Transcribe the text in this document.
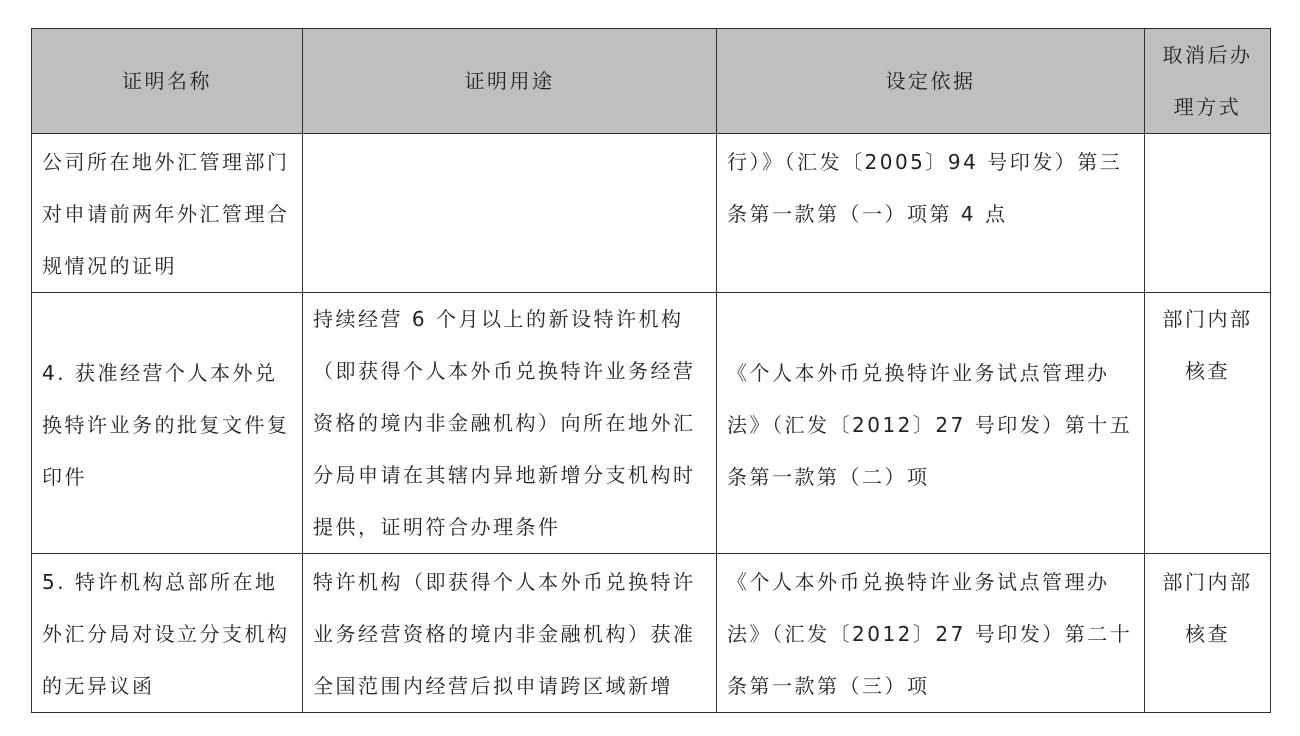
证明名称	证明用途	设定依据	取消后办理方式
公司所在地外汇管理部门对申请前两年外汇管理合规情况的证明		行）》（汇发〔2005〕94 号印发）第三条第一款第（一）项第 4 点	
4. 获准经营个人本外兑换特许业务的批复文件复印件	持续经营 6 个月以上的新设特许机构（即获得个人本外币兑换特许业务经营资格的境内非金融机构）向所在地外汇分局申请在其辖内异地新增分支机构时提供，证明符合办理条件	《个人本外币兑换特许业务试点管理办法》（汇发〔2012〕27 号印发）第十五条第一款第（二）项	部门内部核查
5. 特许机构总部所在地外汇分局对设立分支机构的无异议函	特许机构（即获得个人本外币兑换特许业务经营资格的境内非金融机构）获准全国范围内经营后拟申请跨区域新增	《个人本外币兑换特许业务试点管理办法》（汇发〔2012〕27 号印发）第二十条第一款第（三）项	部门内部核查
